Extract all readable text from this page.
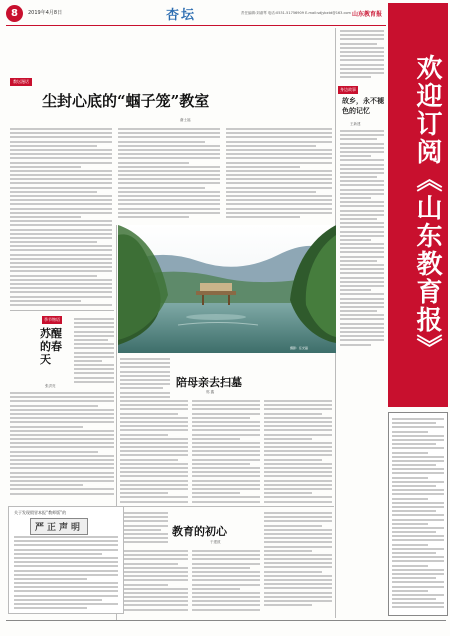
8	2019年4月8日	杏坛	责任编辑:刘淑琴 电话:0531-51756909 E-mail:sdjybxtd@163.com 山东教育报
欢迎订阅《山东教育报》
身边故事
故乡，永不褪色的记忆
王新建
教坛漫话
尘封心底的“蝈子笼”教室
谢士福
摄影：任光磊
季节物语
苏醒的春天
张洪亮	陪母亲去扫墓
郭 鑫
教育的初心
于建波
关于发现假冒本报“教师版”的
严正声明
